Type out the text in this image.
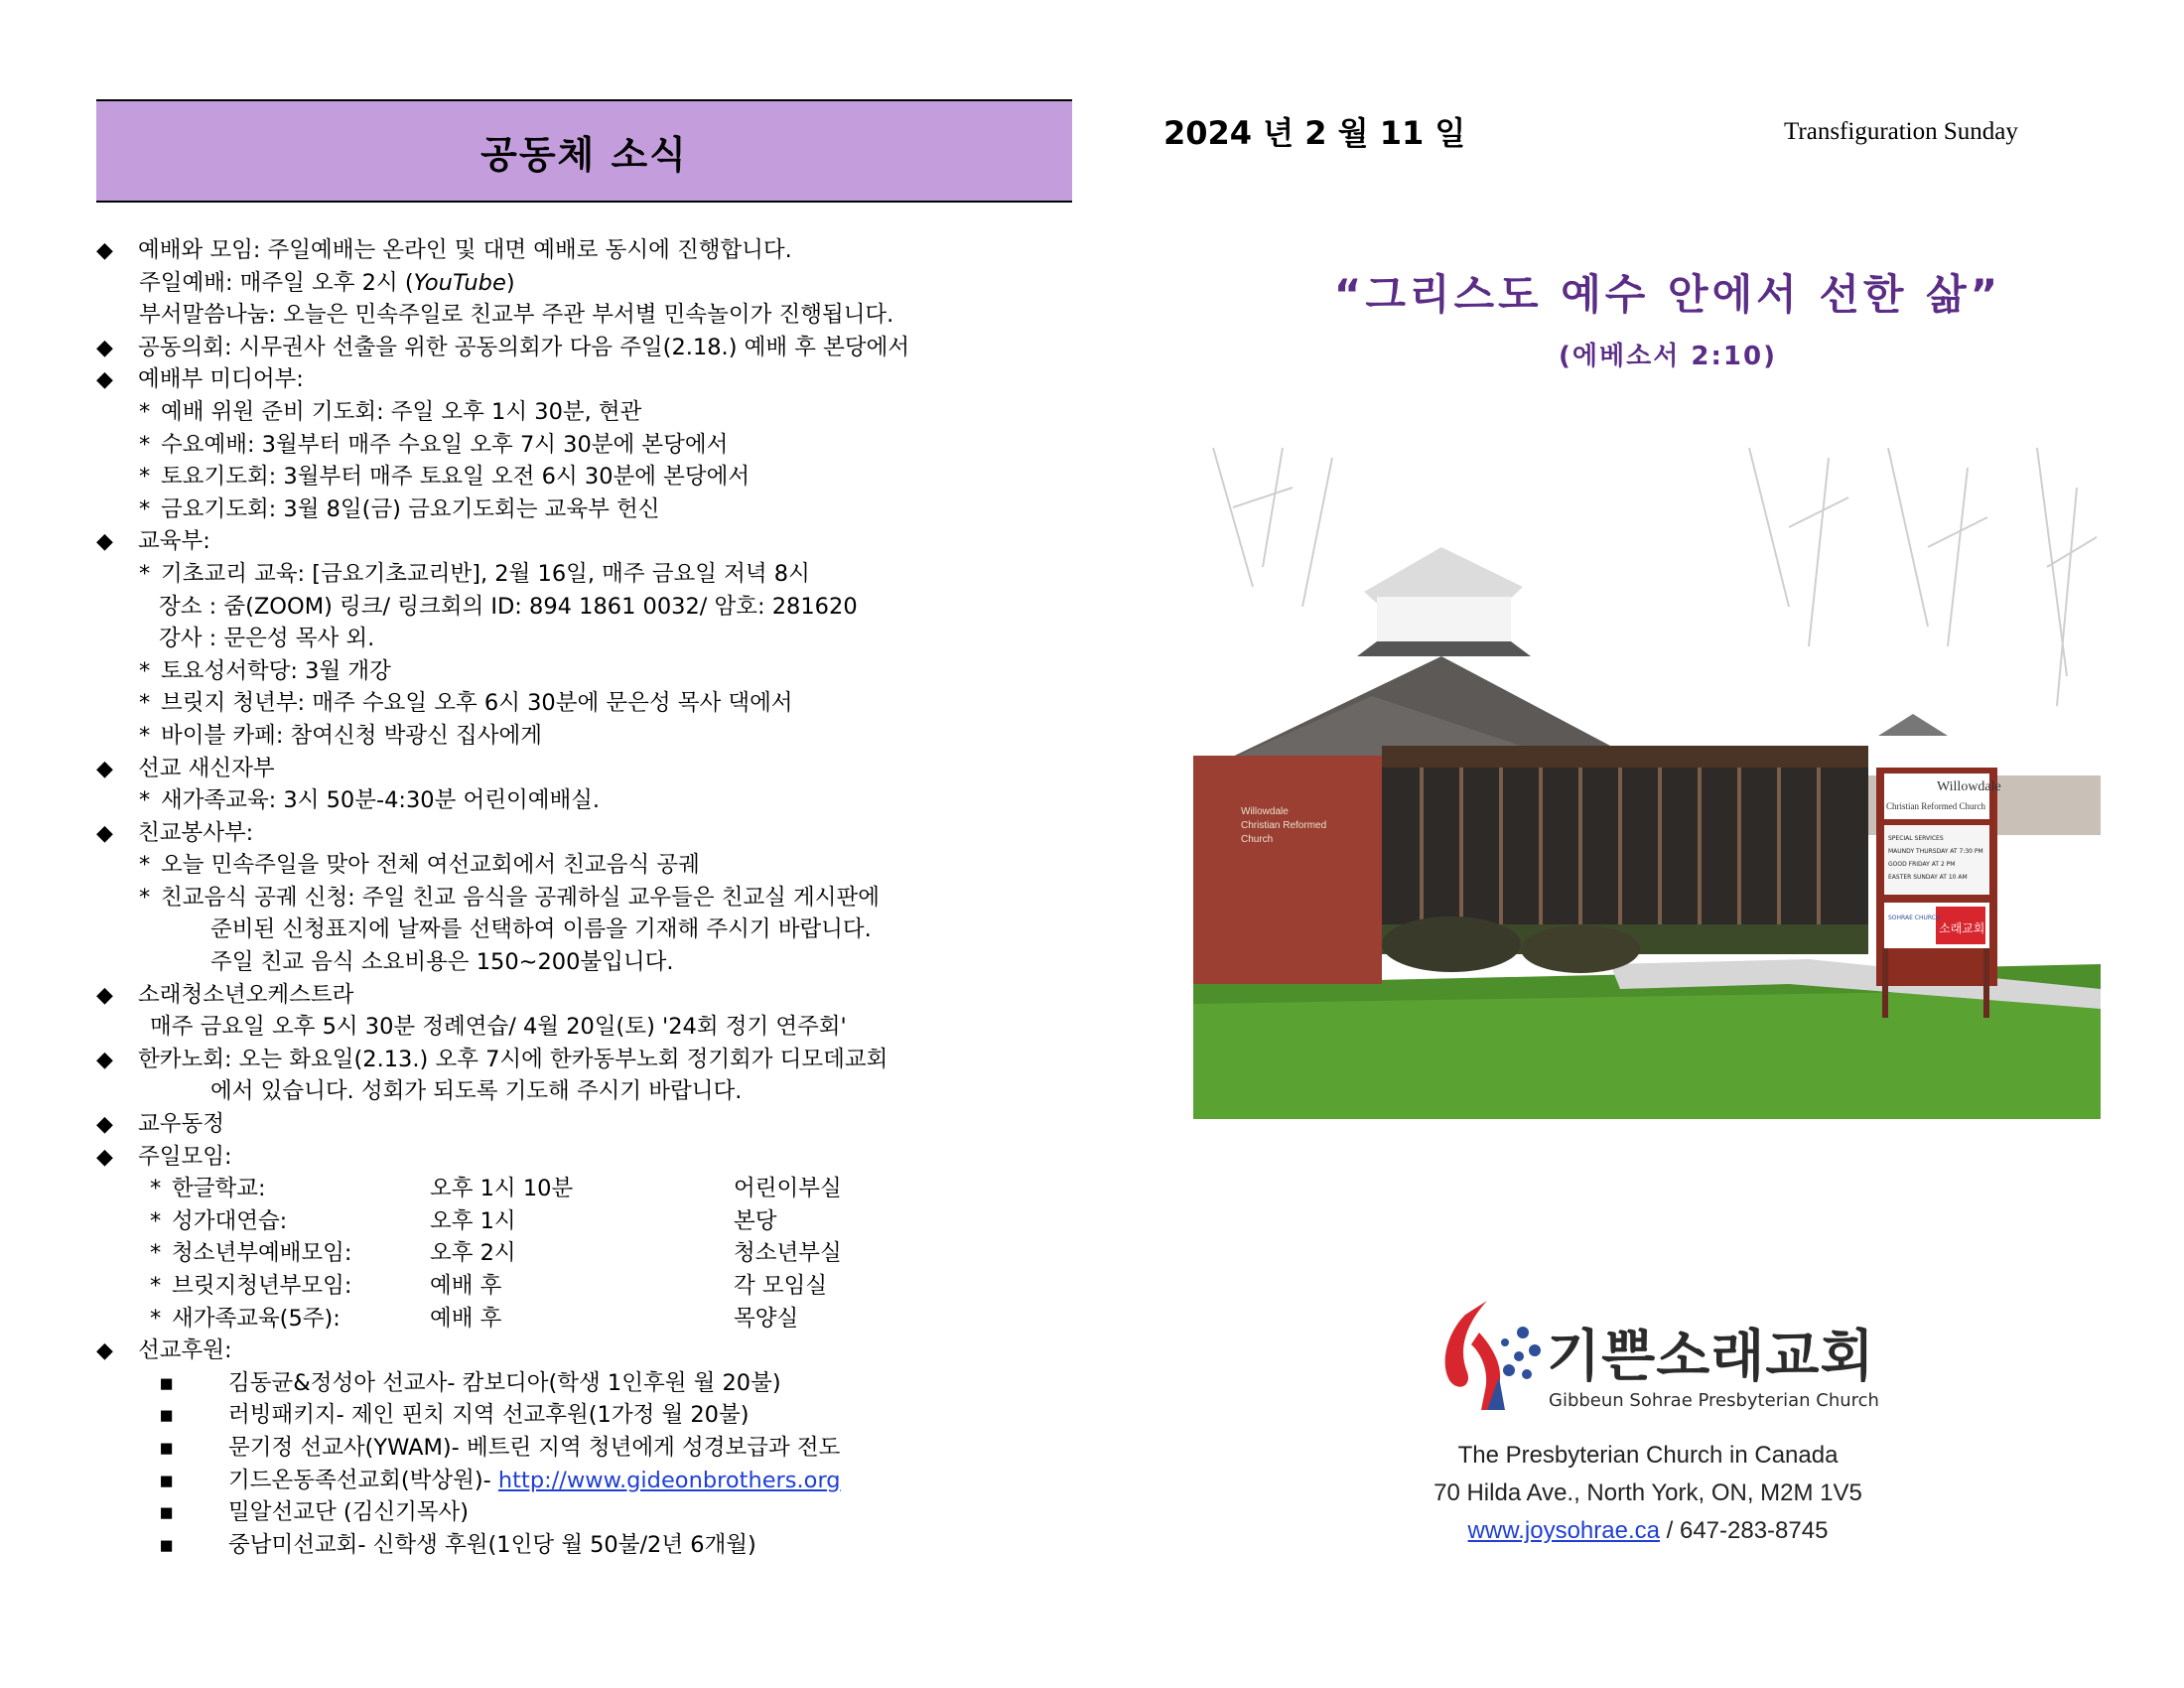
공동체 소식
◆ 예배와 모임: 주일예배는 온라인 및 대면 예배로 동시에 진행합니다.
주일예배: 매주일 오후 2시 (YouTube)
부서말씀나눔: 오늘은 민속주일로 친교부 주관 부서별 민속놀이가 진행됩니다.
◆ 공동의회: 시무권사 선출을 위한 공동의회가 다음 주일(2.18.) 예배 후 본당에서
◆ 예배부 미디어부:
* 예배 위원 준비 기도회: 주일 오후 1시 30분, 현관
* 수요예배: 3월부터 매주 수요일 오후 7시 30분에 본당에서
* 토요기도회: 3월부터 매주 토요일 오전 6시 30분에 본당에서
* 금요기도회: 3월 8일(금) 금요기도회는 교육부 헌신
◆ 교육부:
* 기초교리 교육: [금요기초교리반], 2월 16일, 매주 금요일 저녁 8시
장소 : 줌(ZOOM) 링크/ 링크회의 ID: 894 1861 0032/ 암호: 281620
강사 : 문은성 목사 외.
* 토요성서학당: 3월 개강
* 브릿지 청년부: 매주 수요일 오후 6시 30분에 문은성 목사 댁에서
* 바이블 카페: 참여신청 박광신 집사에게
◆ 선교 새신자부
* 새가족교육: 3시 50분-4:30분 어린이예배실.
◆ 친교봉사부:
* 오늘 민속주일을 맞아 전체 여선교회에서 친교음식 공궤
* 친교음식 공궤 신청: 주일 친교 음식을 공궤하실 교우들은 친교실 게시판에
준비된 신청표지에 날짜를 선택하여 이름을 기재해 주시기 바랍니다.
주일 친교 음식 소요비용은 150~200불입니다.
◆ 소래청소년오케스트라
매주 금요일 오후 5시 30분 정례연습/ 4월 20일(토) '24회 정기 연주회'
◆ 한카노회: 오는 화요일(2.13.) 오후 7시에 한카동부노회 정기회가 디모데교회
에서 있습니다. 성회가 되도록 기도해 주시기 바랍니다.
◆ 교우동정
◆ 주일모임:
* 한글학교:	오후 1시 10분	어린이부실
* 성가대연습:	오후 1시	본당
* 청소년부예배모임:	오후 2시	청소년부실
* 브릿지청년부모임:	예배 후	각 모임실
* 새가족교육(5주):	예배 후	목양실
◆ 선교후원:
▪ 김동균&정성아 선교사- 캄보디아(학생 1인후원 월 20불)
▪ 러빙패키지- 제인 핀치 지역 선교후원(1가정 월 20불)
▪ 문기정 선교사(YWAM)- 베트린 지역 청년에게 성경보급과 전도
▪ 기드온동족선교회(박상원)- http://www.gideonbrothers.org
▪ 밀알선교단 (김신기목사)
▪ 중남미선교회- 신학생 후원(1인당 월 50불/2년 6개월)
2024 년 2 월 11 일	Transfiguration Sunday
“그리스도 예수 안에서 선한 삶”
(에베소서 2:10)
Willowdale
Christian Reformed Church
SPECIAL SERVICES
MAUNDY THURSDAY AT 7:30 PM
GOOD FRIDAY AT 2 PM
EASTER SUNDAY AT 10 AM
SOHRAE CHURCH
소래교회
Willowdale
Christian Reformed
Church
기쁜소래교회
Gibbeun Sohrae Presbyterian Church
The Presbyterian Church in Canada
70 Hilda Ave., North York, ON, M2M 1V5
www.joysohrae.ca / 647-283-8745
